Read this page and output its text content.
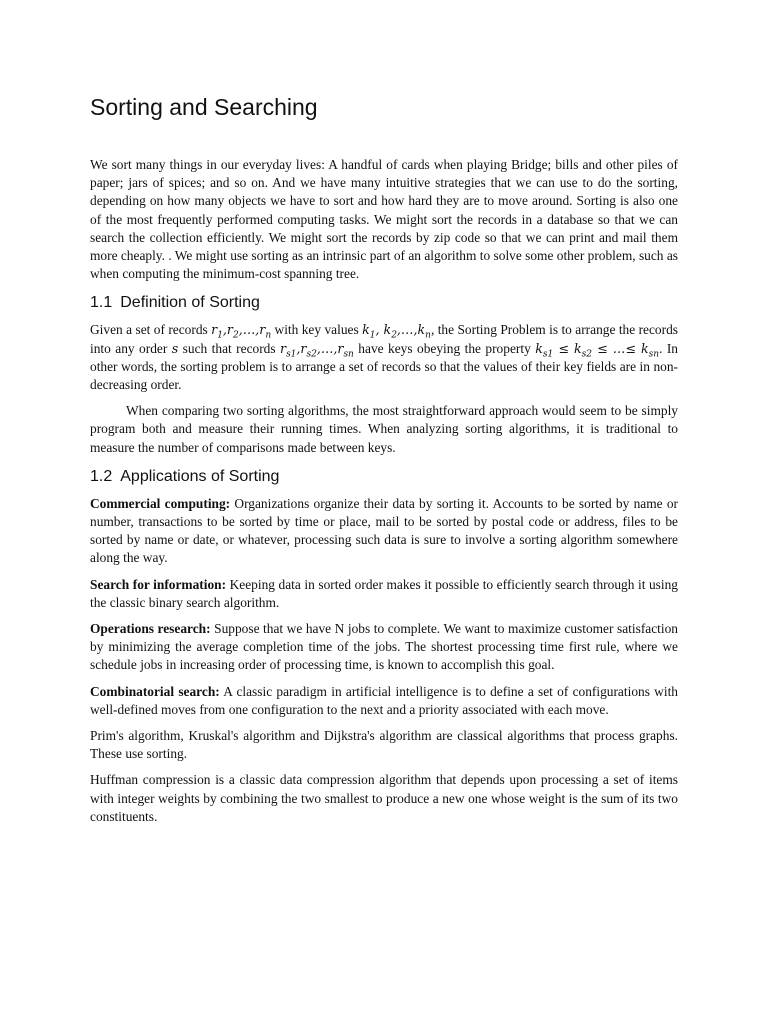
Sorting and Searching

We sort many things in our everyday lives: A handful of cards when playing Bridge; bills and other piles of paper; jars of spices; and so on. And we have many intuitive strategies that we can use to do the sorting, depending on how many objects we have to sort and how hard they are to move around. Sorting is also one of the most frequently performed computing tasks. We might sort the records in a database so that we can search the collection efficiently. We might sort the records by zip code so that we can print and mail them more cheaply. . We might use sorting as an intrinsic part of an algorithm to solve some other problem, such as when computing the minimum-cost spanning tree.

1.1 Definition of Sorting

Given a set of records $r_1,r_2,\dots,r_n$ with key values $k_1$, $k_2,\dots,k_n$, the Sorting Problem is to arrange the records into any order s such that records $r_{s1},r_{s2},\dots,r_{sn}$ have keys obeying the property $k_{s1} \le k_{s2}$ ≤ …≤ $k_{sn}$. In other words, the sorting problem is to arrange a set of records so that the values of their key fields are in non-decreasing order.

When comparing two sorting algorithms, the most straightforward approach would seem to be simply program both and measure their running times. When analyzing sorting algorithms, it is traditional to measure the number of comparisons made between keys.

1.2 Applications of Sorting

Commercial computing: Organizations organize their data by sorting it. Accounts to be sorted by name or number, transactions to be sorted by time or place, mail to be sorted by postal code or address, files to be sorted by name or date, or whatever, processing such data is sure to involve a sorting algorithm somewhere along the way.

Search for information: Keeping data in sorted order makes it possible to efficiently search through it using the classic binary search algorithm.

Operations research: Suppose that we have N jobs to complete. We want to maximize customer satisfaction by minimizing the average completion time of the jobs. The shortest processing time first rule, where we schedule jobs in increasing order of processing time, is known to accomplish this goal.

Combinatorial search: A classic paradigm in artificial intelligence is to define a set of configurations with well-defined moves from one configuration to the next and a priority associated with each move.

Prim's algorithm, Kruskal's algorithm and Dijkstra's algorithm are classical algorithms that process graphs. These use sorting.

Huffman compression is a classic data compression algorithm that depends upon processing a set of items with integer weights by combining the two smallest to produce a new one whose weight is the sum of its two constituents.
